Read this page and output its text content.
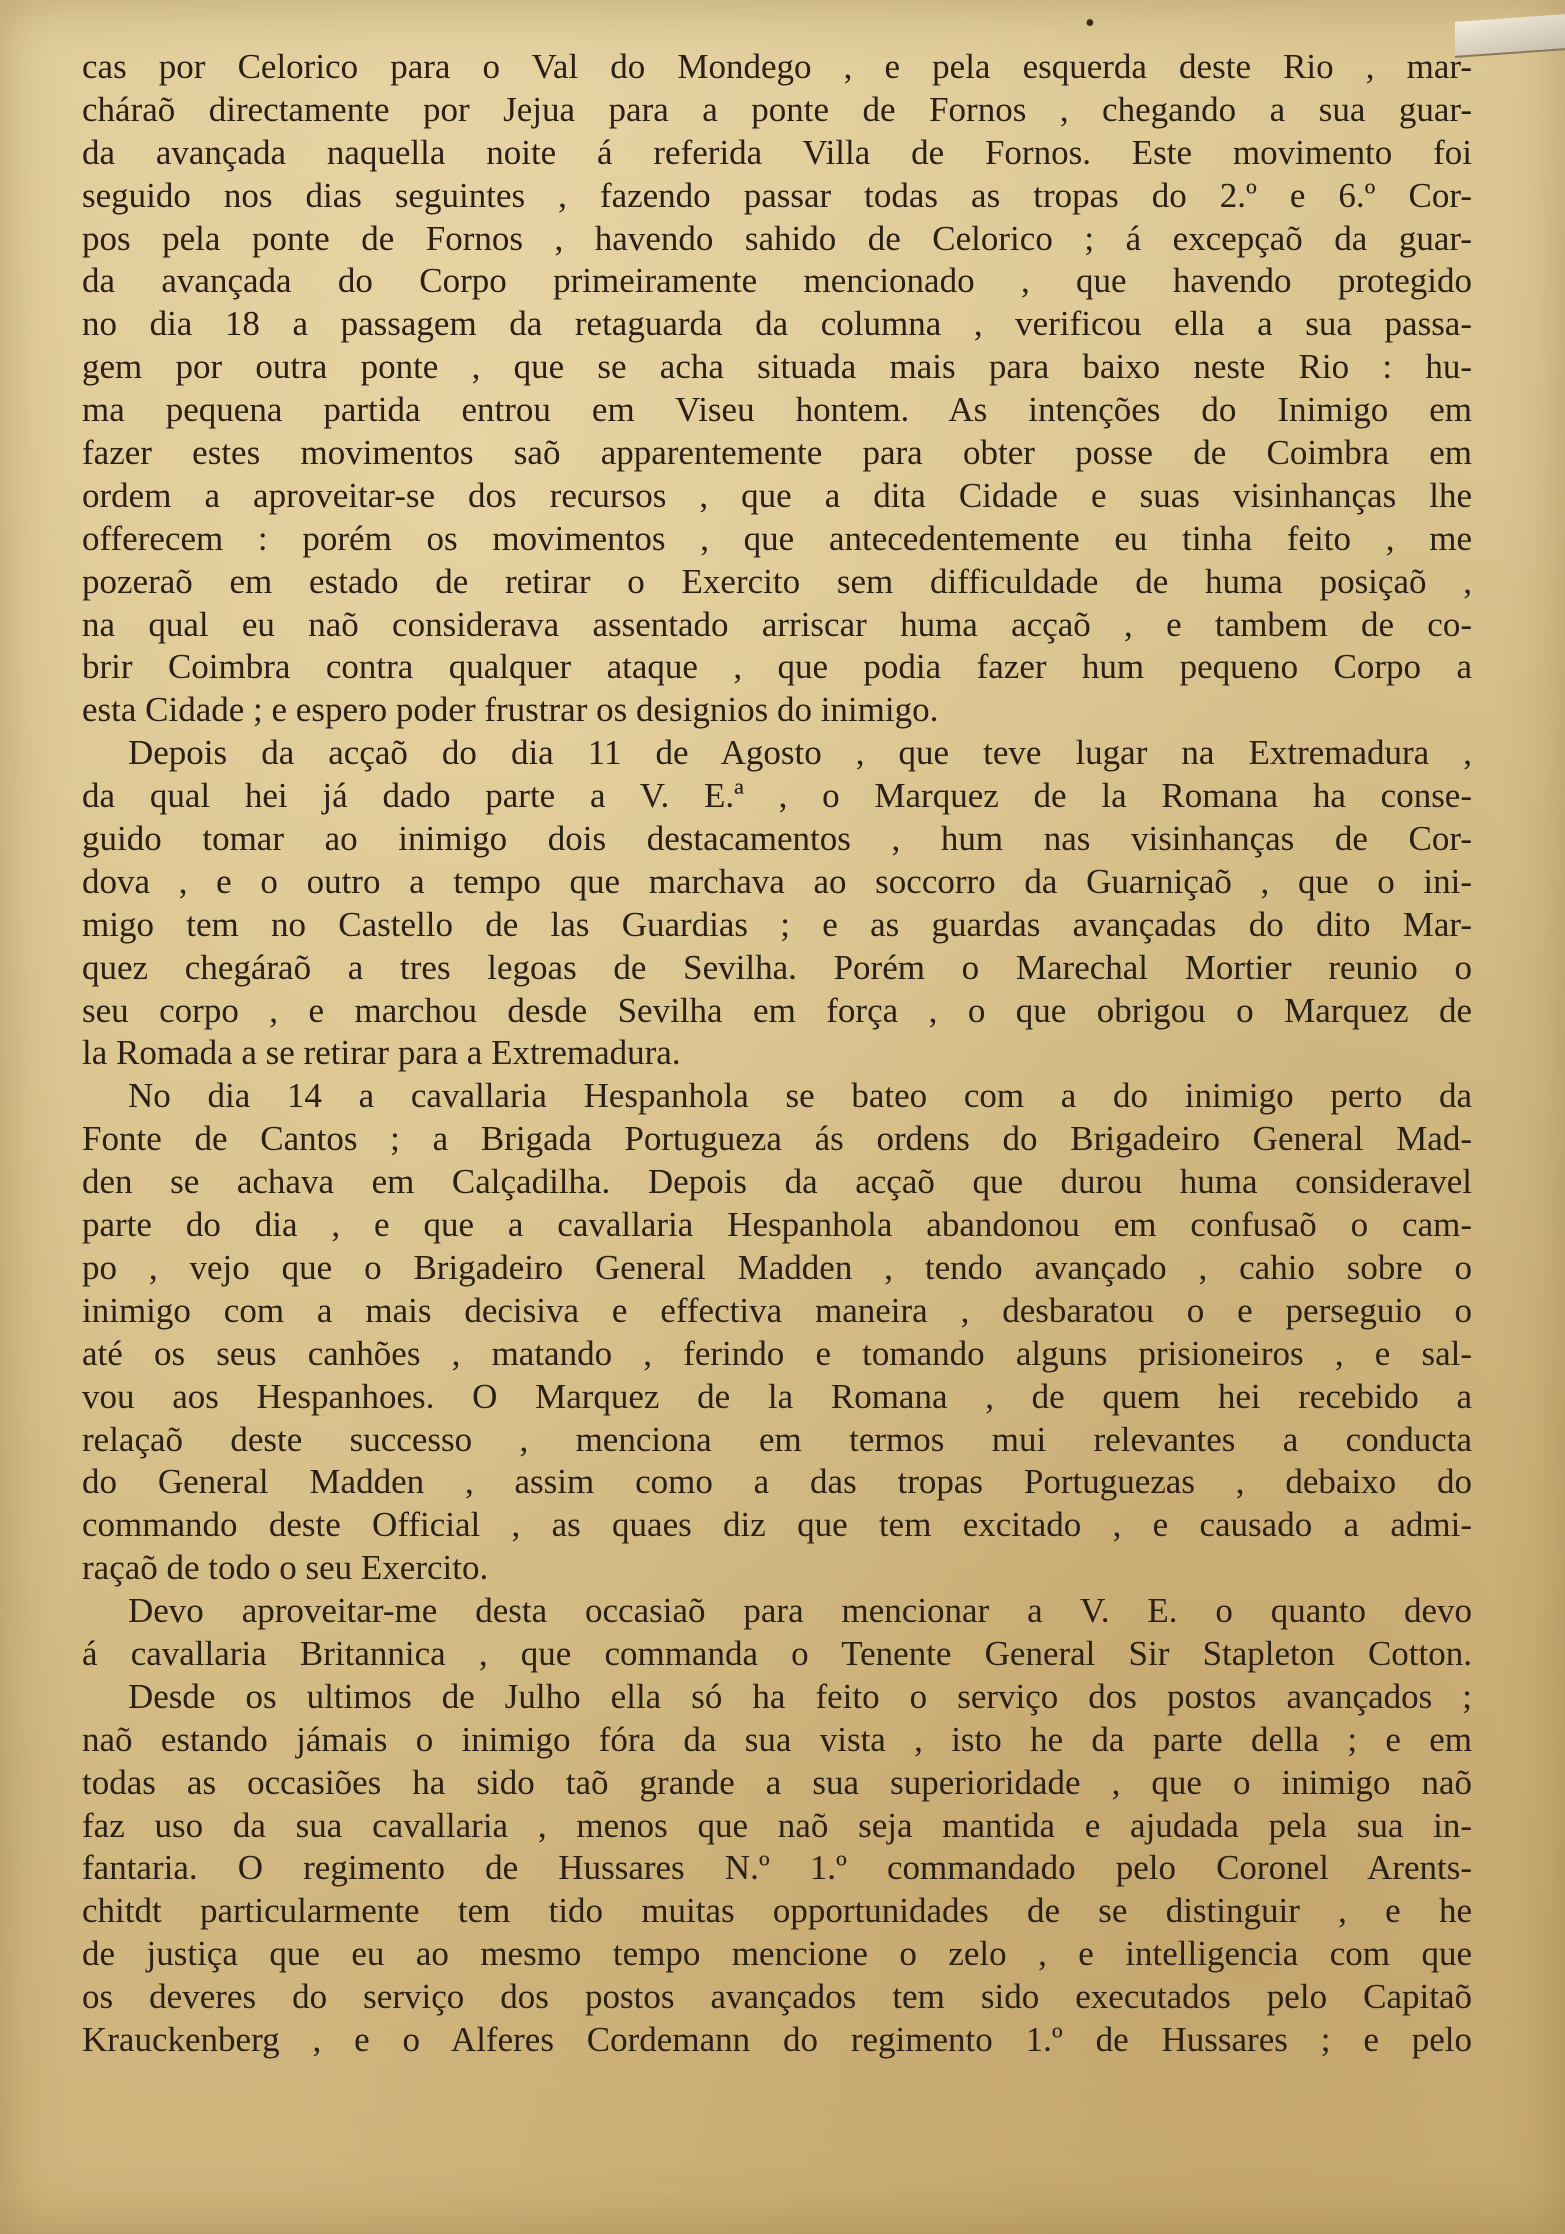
•
cas por Celorico para o Val do Mondego , e pela esquerda deste Rio , mar-
cháraõ directamente por Jejua para a ponte de Fornos , chegando a sua guar-
da avançada naquella noite á referida Villa de Fornos. Este movimento foi
seguido nos dias seguintes , fazendo passar todas as tropas do 2.º e 6.º Cor-
pos pela ponte de Fornos , havendo sahido de Celorico ; á excepçaõ da guar-
da avançada do Corpo primeiramente mencionado , que havendo protegido
no dia 18 a passagem da retaguarda da columna , verificou ella a sua passa-
gem por outra ponte , que se acha situada mais para baixo neste Rio : hu-
ma pequena partida entrou em Viseu hontem. As intenções do Inimigo em
fazer estes movimentos saõ apparentemente para obter posse de Coimbra em
ordem a aproveitar-se dos recursos , que a dita Cidade e suas visinhanças lhe
offerecem : porém os movimentos , que antecedentemente eu tinha feito , me
pozeraõ em estado de retirar o Exercito sem difficuldade de huma posiçaõ ,
na qual eu naõ considerava assentado arriscar huma acçaõ , e tambem de co-
brir Coimbra contra qualquer ataque , que podia fazer hum pequeno Corpo a
esta Cidade ; e espero poder frustrar os designios do inimigo.
Depois da acçaõ do dia 11 de Agosto , que teve lugar na Extremadura ,
da qual hei já dado parte a V. E.ª , o Marquez de la Romana ha conse-
guido tomar ao inimigo dois destacamentos , hum nas visinhanças de Cor-
dova , e o outro a tempo que marchava ao soccorro da Guarniçaõ , que o ini-
migo tem no Castello de las Guardias ; e as guardas avançadas do dito Mar-
quez chegáraõ a tres legoas de Sevilha. Porém o Marechal Mortier reunio o
seu corpo , e marchou desde Sevilha em força , o que obrigou o Marquez de
la Romada a se retirar para a Extremadura.
No dia 14 a cavallaria Hespanhola se bateo com a do inimigo perto da
Fonte de Cantos ; a Brigada Portugueza ás ordens do Brigadeiro General Mad-
den se achava em Calçadilha. Depois da acçaõ que durou huma consideravel
parte do dia , e que a cavallaria Hespanhola abandonou em confusaõ o cam-
po , vejo que o Brigadeiro General Madden , tendo avançado , cahio sobre o
inimigo com a mais decisiva e effectiva maneira , desbaratou o e perseguio o
até os seus canhões , matando , ferindo e tomando alguns prisioneiros , e sal-
vou aos Hespanhoes. O Marquez de la Romana , de quem hei recebido a
relaçaõ deste successo , menciona em termos mui relevantes a conducta
do General Madden , assim como a das tropas Portuguezas , debaixo do
commando deste Official , as quaes diz que tem excitado , e causado a admi-
raçaõ de todo o seu Exercito.
Devo aproveitar-me desta occasiaõ para mencionar a V. E. o quanto devo
á cavallaria Britannica , que commanda o Tenente General Sir Stapleton Cotton.
Desde os ultimos de Julho ella só ha feito o serviço dos postos avançados ;
naõ estando jámais o inimigo fóra da sua vista , isto he da parte della ; e em
todas as occasiões ha sido taõ grande a sua superioridade , que o inimigo naõ
faz uso da sua cavallaria , menos que naõ seja mantida e ajudada pela sua in-
fantaria. O regimento de Hussares N.º 1.º commandado pelo Coronel Arents-
chitdt particularmente tem tido muitas opportunidades de se distinguir , e he
de justiça que eu ao mesmo tempo mencione o zelo , e intelligencia com que
os deveres do serviço dos postos avançados tem sido executados pelo Capitaõ
Krauckenberg , e o Alferes Cordemann do regimento 1.º de Hussares ; e pelo
